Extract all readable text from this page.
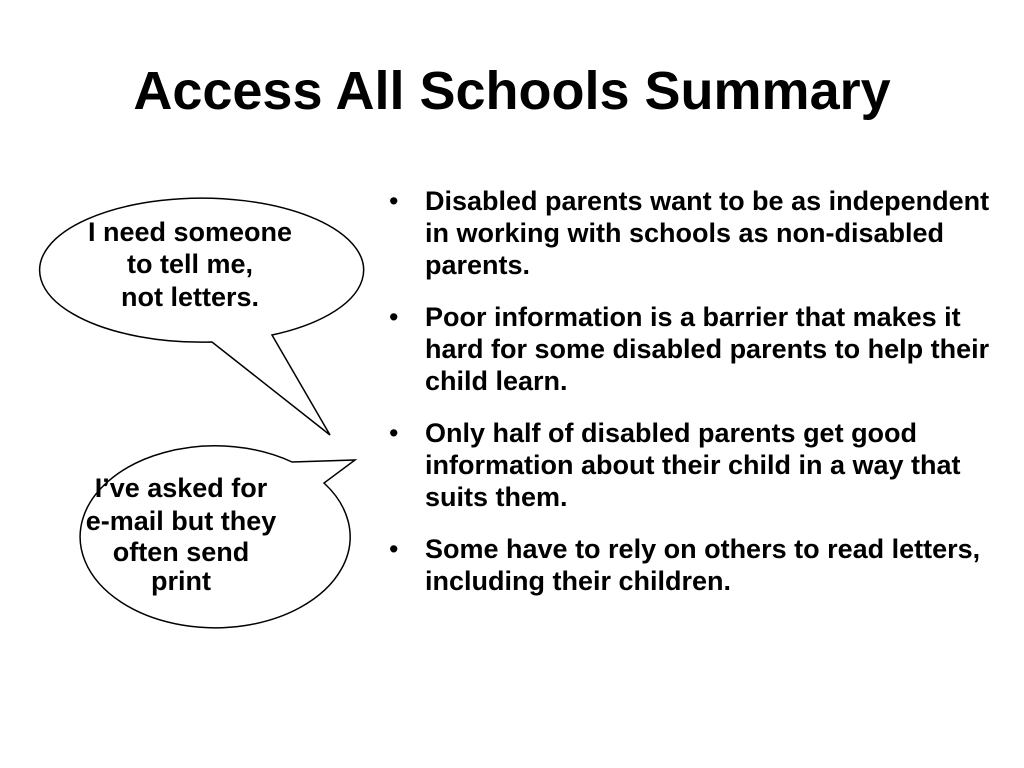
Access All Schools Summary
I need someone
to tell me,
not letters.
I’ve asked for
e-mail but they
often send
print
• Disabled parents want to be as independent in working with schools as non-disabled parents.
• Poor information is a barrier that makes it hard for some disabled parents to help their child learn.
• Only half of disabled parents get good information about their child in a way that suits them.
• Some have to rely on others to read letters, including their children.
